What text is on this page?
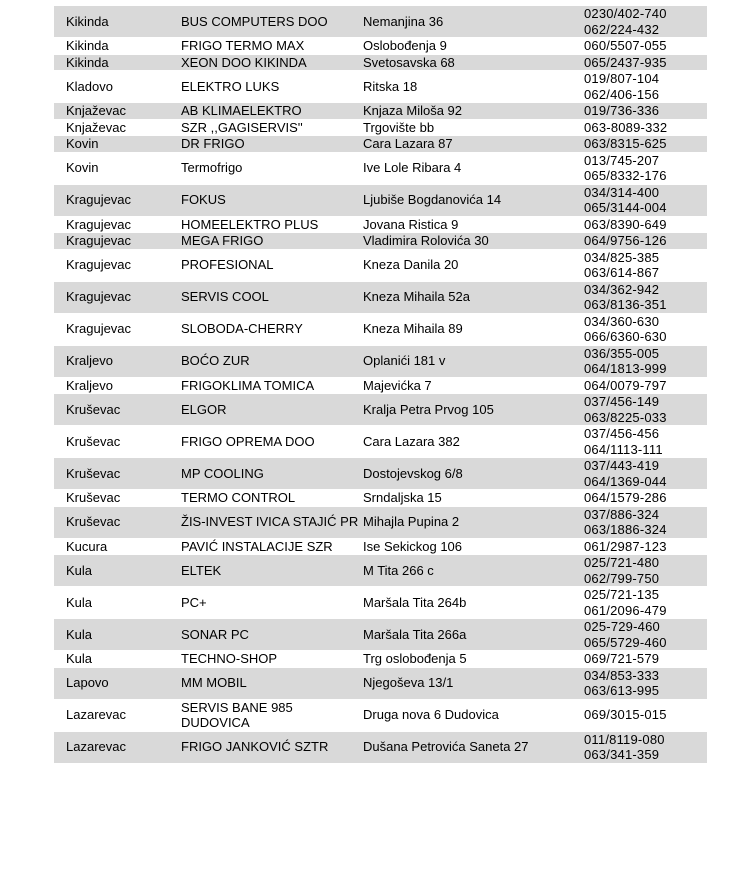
Kikinda	BUS COMPUTERS DOO	Nemanjina 36	0230/402-740
062/224-432

Kikinda	FRIGO TERMO MAX	Oslobođenja 9	060/5507-055

Kikinda	XEON DOO KIKINDA	Svetosavska 68	065/2437-935

Kladovo	ELEKTRO LUKS	Ritska 18	019/807-104
062/406-156

Knjaževac	AB KLIMAELEKTRO	Knjaza Miloša 92	019/736-336

Knjaževac	SZR ,,GAGISERVIS''	Trgovište bb	063-8089-332

Kovin	DR FRIGO	Cara Lazara 87	063/8315-625

Kovin	Termofrigo	Ive Lole Ribara 4	013/745-207
065/8332-176

Kragujevac	FOKUS	Ljubiše Bogdanovića 14	034/314-400
065/3144-004

Kragujevac	HOMEELEKTRO PLUS	Jovana Ristica 9	063/8390-649

Kragujevac	MEGA FRIGO	Vladimira Rolovića 30	064/9756-126

Kragujevac	PROFESIONAL	Kneza Danila 20	034/825-385
063/614-867

Kragujevac	SERVIS COOL	Kneza Mihaila 52a	034/362-942
063/8136-351

Kragujevac	SLOBODA-CHERRY	Kneza Mihaila 89	034/360-630
066/6360-630

Kraljevo	BOĆO ZUR	Oplanići 181 v	036/355-005
064/1813-999

Kraljevo	FRIGOKLIMA TOMICA	Majevićka 7	064/0079-797

Kruševac	ELGOR	Kralja Petra Prvog 105	037/456-149
063/8225-033

Kruševac	FRIGO OPREMA DOO	Cara Lazara 382	037/456-456
064/1113-111

Kruševac	MP COOLING	Dostojevskog 6/8	037/443-419
064/1369-044

Kruševac	TERMO CONTROL	Srndaljska 15	064/1579-286

Kruševac	ŽIS-INVEST IVICA STAJIĆ PR	Mihajla Pupina 2	037/886-324
063/1886-324

Kucura	PAVIĆ INSTALACIJE SZR	Ise Sekickog 106	061/2987-123

Kula	ELTEK	M Tita 266 c	025/721-480
062/799-750

Kula	PC+	Maršala Tita 264b	025/721-135
061/2096-479

Kula	SONAR PC	Maršala Tita 266a	025-729-460
065/5729-460

Kula	TECHNO-SHOP	Trg oslobođenja 5	069/721-579

Lapovo	MM MOBIL	Njegoševa 13/1	034/853-333
063/613-995

Lazarevac	SERVIS BANE 985
DUDOVICA	Druga nova 6 Dudovica	069/3015-015

Lazarevac	FRIGO JANKOVIĆ SZTR	Dušana Petrovića Saneta 27	011/8119-080
063/341-359
